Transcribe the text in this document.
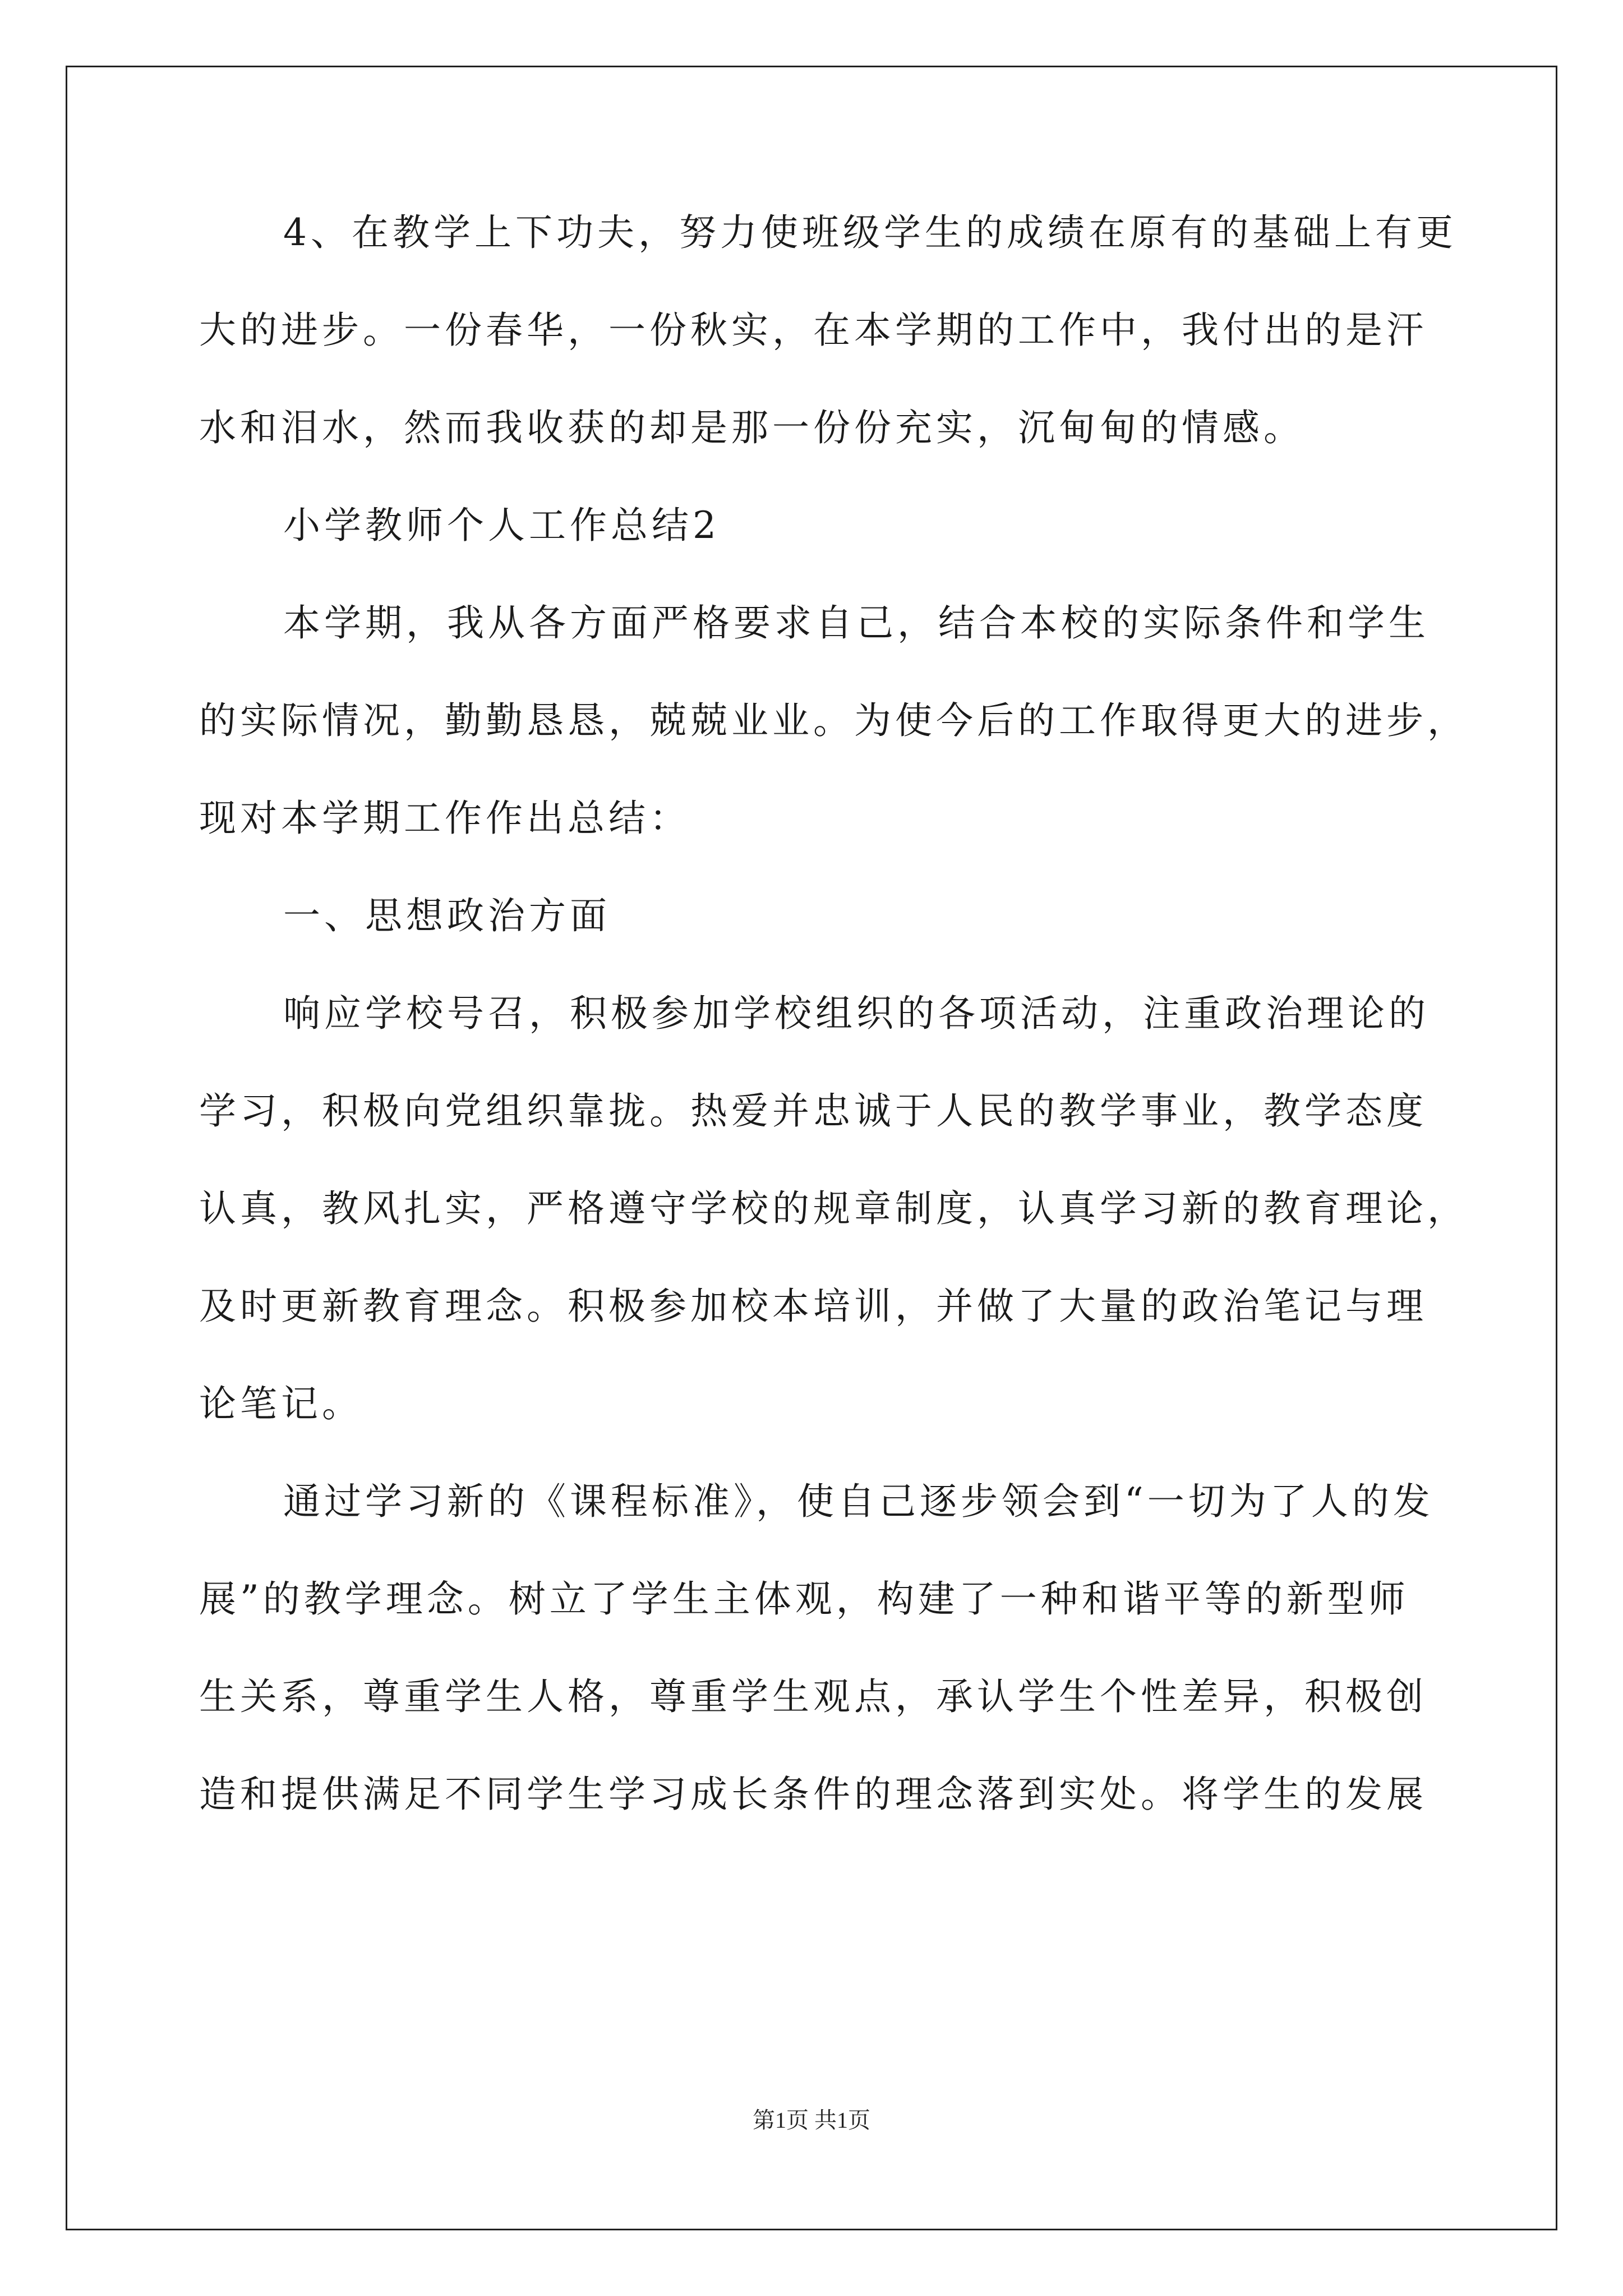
4、在教学上下功夫，努力使班级学生的成绩在原有的基础上有更
大的进步。一份春华，一份秋实，在本学期的工作中，我付出的是汗
水和泪水，然而我收获的却是那一份份充实，沉甸甸的情感。
小学教师个人工作总结2
本学期，我从各方面严格要求自己，结合本校的实际条件和学生
的实际情况，勤勤恳恳，兢兢业业。为使今后的工作取得更大的进步，
现对本学期工作作出总结：
一、思想政治方面
响应学校号召，积极参加学校组织的各项活动，注重政治理论的
学习，积极向党组织靠拢。热爱并忠诚于人民的教学事业，教学态度
认真，教风扎实，严格遵守学校的规章制度，认真学习新的教育理论，
及时更新教育理念。积极参加校本培训，并做了大量的政治笔记与理
论笔记。
通过学习新的《课程标准》，使自己逐步领会到“一切为了人的发
展”的教学理念。树立了学生主体观，构建了一种和谐平等的新型师
生关系，尊重学生人格，尊重学生观点，承认学生个性差异，积极创
造和提供满足不同学生学习成长条件的理念落到实处。将学生的发展
第1页 共1页
